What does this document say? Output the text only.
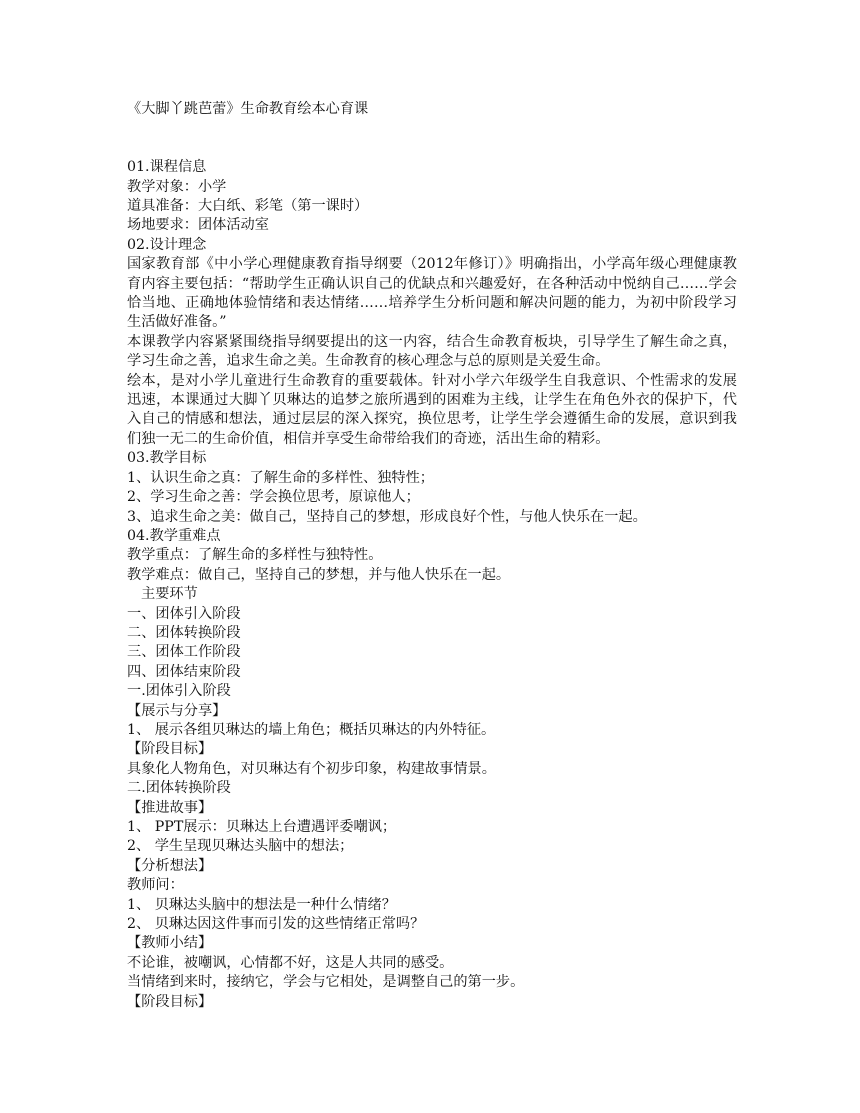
《大脚丫跳芭蕾》生命教育绘本心育课
01.课程信息
教学对象：小学
道具准备：大白纸、彩笔（第一课时）
场地要求：团体活动室
02.设计理念
国家教育部《中小学心理健康教育指导纲要（2012年修订）》明确指出，小学高年级心理健康教育内容主要包括：“帮助学生正确认识自己的优缺点和兴趣爱好，在各种活动中悦纳自己……学会恰当地、正确地体验情绪和表达情绪……培养学生分析问题和解决问题的能力，为初中阶段学习生活做好准备。”
本课教学内容紧紧围绕指导纲要提出的这一内容，结合生命教育板块，引导学生了解生命之真，学习生命之善，追求生命之美。生命教育的核心理念与总的原则是关爱生命。
绘本，是对小学儿童进行生命教育的重要载体。针对小学六年级学生自我意识、个性需求的发展迅速，本课通过大脚丫贝琳达的追梦之旅所遇到的困难为主线，让学生在角色外衣的保护下，代入自己的情感和想法，通过层层的深入探究，换位思考，让学生学会遵循生命的发展，意识到我们独一无二的生命价值，相信并享受生命带给我们的奇迹，活出生命的精彩。
03.教学目标
1、认识生命之真：了解生命的多样性、独特性；
2、学习生命之善：学会换位思考，原谅他人；
3、追求生命之美：做自己，坚持自己的梦想，形成良好个性，与他人快乐在一起。
04.教学重难点
教学重点：了解生命的多样性与独特性。
教学难点：做自己，坚持自己的梦想，并与他人快乐在一起。
主要环节
一、团体引入阶段
二、团体转换阶段
三、团体工作阶段
四、团体结束阶段
一.团体引入阶段
【展示与分享】
1、 展示各组贝琳达的墙上角色；概括贝琳达的内外特征。
【阶段目标】
具象化人物角色，对贝琳达有个初步印象，构建故事情景。
二.团体转换阶段
【推进故事】
1、 PPT展示：贝琳达上台遭遇评委嘲讽；
2、 学生呈现贝琳达头脑中的想法；
【分析想法】
教师问：
1、 贝琳达头脑中的想法是一种什么情绪？
2、 贝琳达因这件事而引发的这些情绪正常吗？
【教师小结】
不论谁，被嘲讽，心情都不好，这是人共同的感受。
当情绪到来时，接纳它，学会与它相处，是调整自己的第一步。
【阶段目标】
